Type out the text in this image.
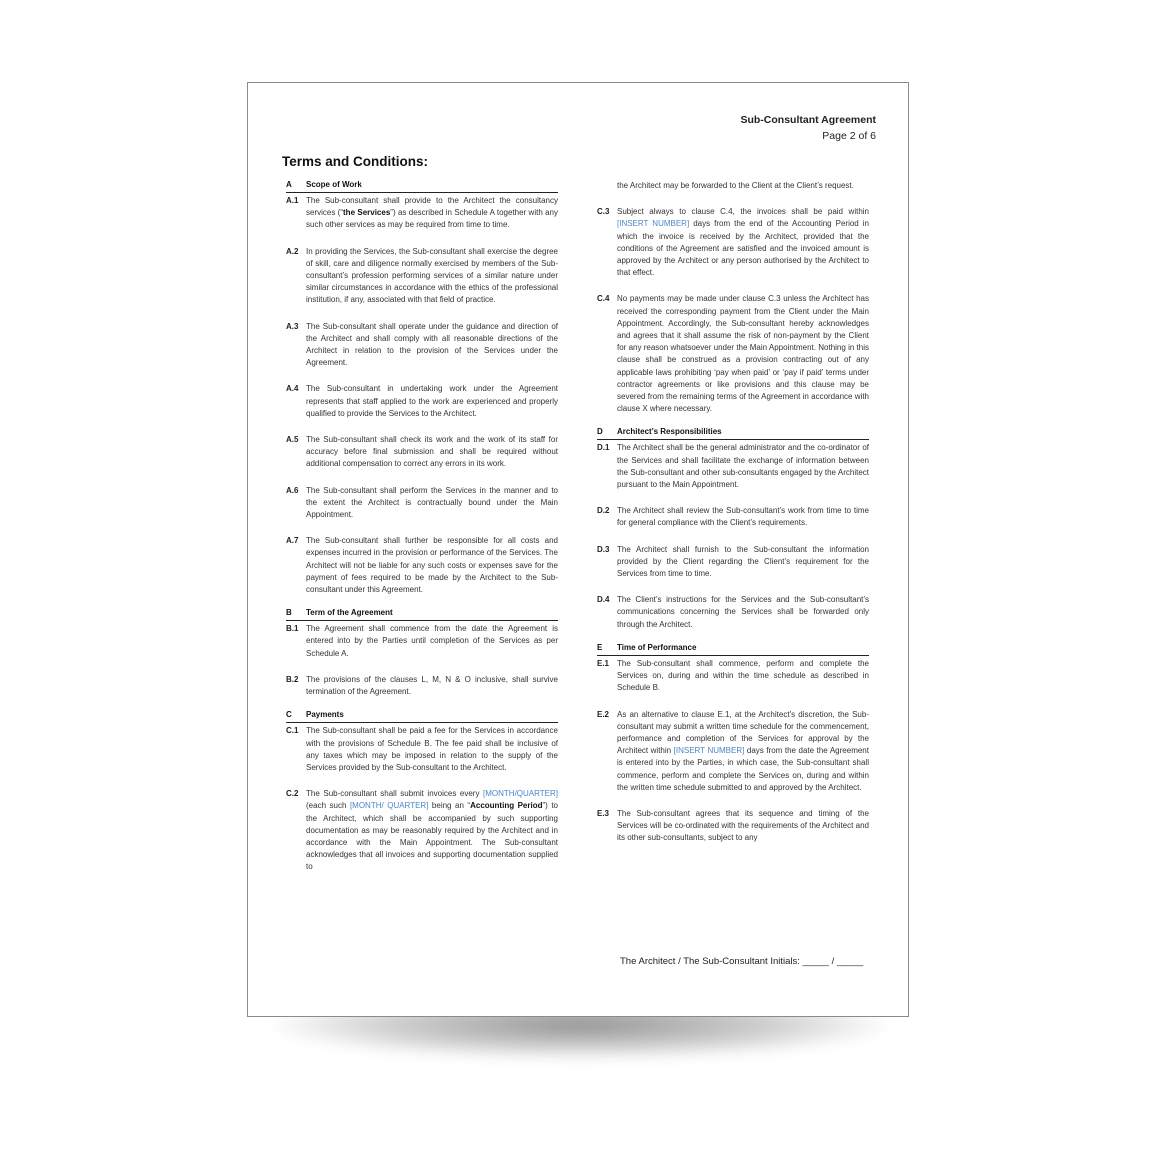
Sub-Consultant Agreement
Page 2 of 6
Terms and Conditions:
A	Scope of Work
A.1 The Sub-consultant shall provide to the Architect the consultancy services (“the Services”) as described in Schedule A together with any such other services as may be required from time to time.
A.2 In providing the Services, the Sub-consultant shall exercise the degree of skill, care and diligence normally exercised by members of the Sub-consultant’s profession performing services of a similar nature under similar circumstances in accordance with the ethics of the professional institution, if any, associated with that field of practice.
A.3 The Sub-consultant shall operate under the guidance and direction of the Architect and shall comply with all reasonable directions of the Architect in relation to the provision of the Services under the Agreement.
A.4 The Sub-consultant in undertaking work under the Agreement represents that staff applied to the work are experienced and properly qualified to provide the Services to the Architect.
A.5 The Sub-consultant shall check its work and the work of its staff for accuracy before final submission and shall be required without additional compensation to correct any errors in its work.
A.6 The Sub-consultant shall perform the Services in the manner and to the extent the Architect is contractually bound under the Main Appointment.
A.7 The Sub-consultant shall further be responsible for all costs and expenses incurred in the provision or performance of the Services. The Architect will not be liable for any such costs or expenses save for the payment of fees required to be made by the Architect to the Sub-consultant under this Agreement.
B	Term of the Agreement
B.1 The Agreement shall commence from the date the Agreement is entered into by the Parties until completion of the Services as per Schedule A.
B.2 The provisions of the clauses L, M, N & O inclusive, shall survive termination of the Agreement.
C	Payments
C.1 The Sub-consultant shall be paid a fee for the Services in accordance with the provisions of Schedule B. The fee paid shall be inclusive of any taxes which may be imposed in relation to the supply of the Services provided by the Sub-consultant to the Architect.
C.2 The Sub-consultant shall submit invoices every [MONTH/QUARTER] (each such [MONTH/ QUARTER] being an “Accounting Period”) to the Architect, which shall be accompanied by such supporting documentation as may be reasonably required by the Architect and in accordance with the Main Appointment. The Sub-consultant acknowledges that all invoices and supporting documentation supplied to
the Architect may be forwarded to the Client at the Client’s request.
C.3 Subject always to clause C.4, the invoices shall be paid within [INSERT NUMBER] days from the end of the Accounting Period in which the invoice is received by the Architect, provided that the conditions of the Agreement are satisfied and the invoiced amount is approved by the Architect or any person authorised by the Architect to that effect.
C.4 No payments may be made under clause C.3 unless the Architect has received the corresponding payment from the Client under the Main Appointment. Accordingly, the Sub-consultant hereby acknowledges and agrees that it shall assume the risk of non-payment by the Client for any reason whatsoever under the Main Appointment. Nothing in this clause shall be construed as a provision contracting out of any applicable laws prohibiting ‘pay when paid’ or ‘pay if paid’ terms under contractor agreements or like provisions and this clause may be severed from the remaining terms of the Agreement in accordance with clause X where necessary.
D	Architect’s Responsibilities
D.1 The Architect shall be the general administrator and the co-ordinator of the Services and shall facilitate the exchange of information between the Sub-consultant and other sub-consultants engaged by the Architect pursuant to the Main Appointment.
D.2 The Architect shall review the Sub-consultant’s work from time to time for general compliance with the Client’s requirements.
D.3 The Architect shall furnish to the Sub-consultant the information provided by the Client regarding the Client’s requirement for the Services from time to time.
D.4 The Client’s instructions for the Services and the Sub-consultant’s communications concerning the Services shall be forwarded only through the Architect.
E	Time of Performance
E.1 The Sub-consultant shall commence, perform and complete the Services on, during and within the time schedule as described in Schedule B.
E.2 As an alternative to clause E.1, at the Architect’s discretion, the Sub-consultant may submit a written time schedule for the commencement, performance and completion of the Services for approval by the Architect within [INSERT NUMBER] days from the date the Agreement is entered into by the Parties, in which case, the Sub-consultant shall commence, perform and complete the Services on, during and within the written time schedule submitted to and approved by the Architect.
E.3 The Sub-consultant agrees that its sequence and timing of the Services will be co-ordinated with the requirements of the Architect and its other sub-consultants, subject to any
The Architect / The Sub-Consultant Initials: _____ / _____
